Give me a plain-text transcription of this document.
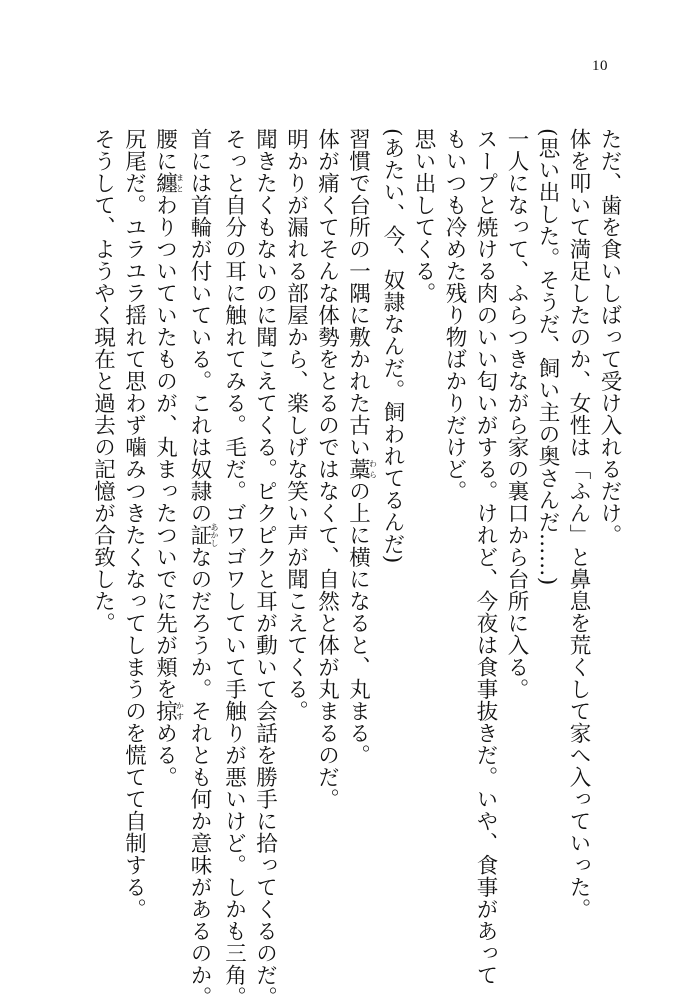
10
ただ、歯を食いしばって受け入れるだけ。
体を叩いて満足したのか、女性は「ふん」と鼻息を荒くして家へ入っていった。
(思い出した。そうだ、飼い主の奥さんだ……)
一人になって、ふらつきながら家の裏口から台所に入る。
スープと焼ける肉のいい匂いがする。けれど、今夜は食事抜きだ。いや、食事があって
もいつも冷めた残り物ばかりだけど。
思い出してくる。
(あたい、今、奴隷なんだ。飼われてるんだ)
習慣で台所の一隅に敷かれた古い藁わらの上に横になると、丸まる。
体が痛くてそんな体勢をとるのではなくて、自然と体が丸まるのだ。
明かりが漏れる部屋から、楽しげな笑い声が聞こえてくる。
聞きたくもないのに聞こえてくる。ピクピクと耳が動いて会話を勝手に拾ってくるのだ。
そっと自分の耳に触れてみる。毛だ。ゴワゴワしていて手触りが悪いけど。しかも三角。
首には首輪が付いている。これは奴隷の証あかしなのだろうか。それとも何か意味があるのか。
腰に纏まとわりついていたものが、丸まったついでに先が頬を掠かすめる。
尻尾だ。ユラユラ揺れて思わず噛みつきたくなってしまうのを慌てて自制する。
そうして、ようやく現在と過去の記憶が合致した。
